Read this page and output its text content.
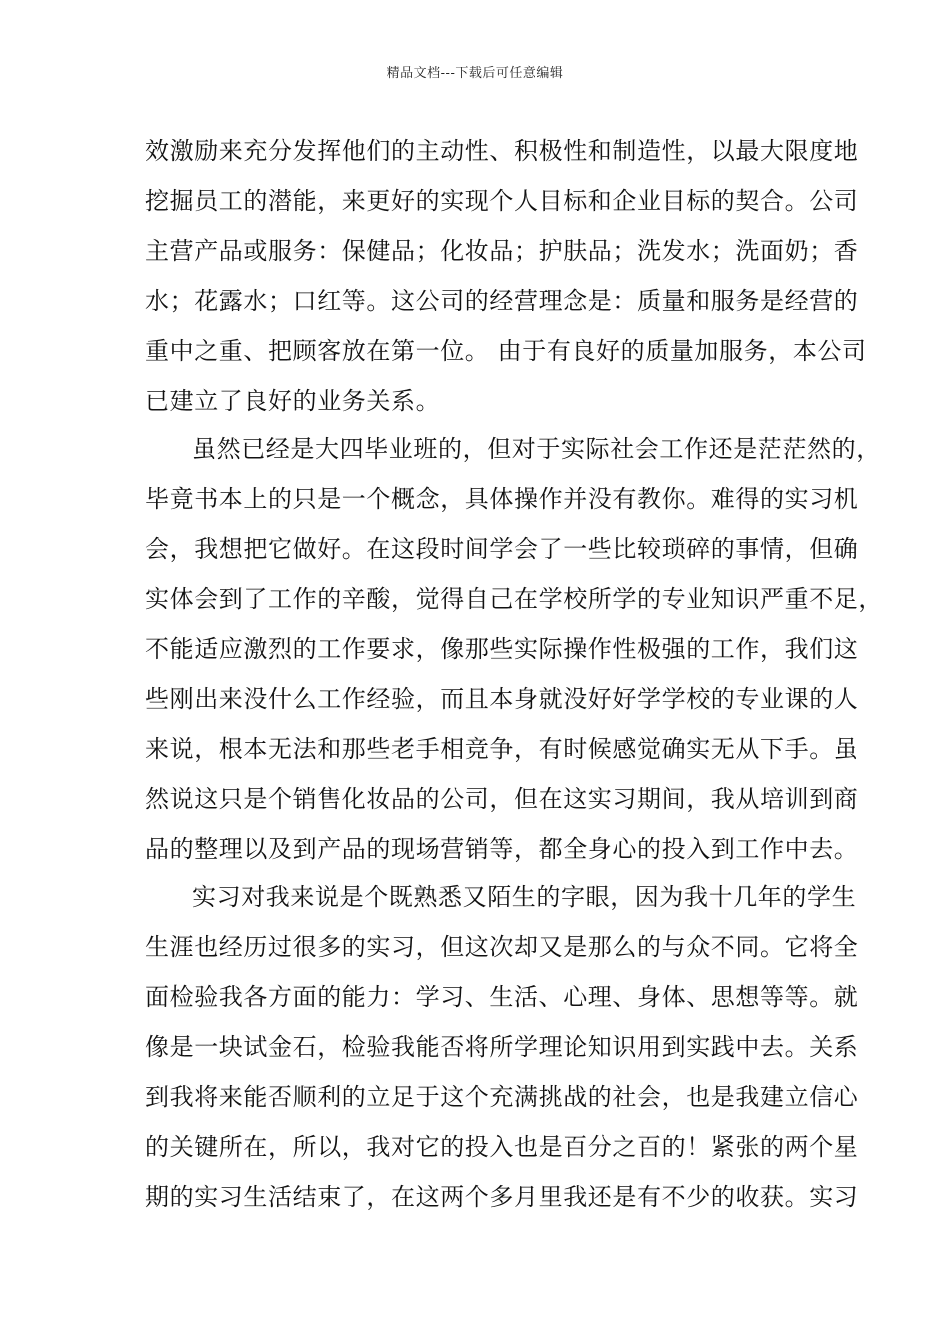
精品文档---下载后可任意编辑
效激励来充分发挥他们的主动性、积极性和制造性，以最大限度地
挖掘员工的潜能，来更好的实现个人目标和企业目标的契合。公司
主营产品或服务：保健品；化妆品；护肤品；洗发水；洗面奶；香
水；花露水；口红等。这公司的经营理念是：质量和服务是经营的
重中之重、把顾客放在第一位。 由于有良好的质量加服务，本公司
已建立了良好的业务关系。
虽然已经是大四毕业班的，但对于实际社会工作还是茫茫然的，
毕竟书本上的只是一个概念，具体操作并没有教你。难得的实习机
会，我想把它做好。在这段时间学会了一些比较琐碎的事情，但确
实体会到了工作的辛酸，觉得自己在学校所学的专业知识严重不足，
不能适应激烈的工作要求，像那些实际操作性极强的工作，我们这
些刚出来没什么工作经验，而且本身就没好好学学校的专业课的人
来说，根本无法和那些老手相竞争，有时候感觉确实无从下手。虽
然说这只是个销售化妆品的公司，但在这实习期间，我从培训到商
品的整理以及到产品的现场营销等，都全身心的投入到工作中去。
实习对我来说是个既熟悉又陌生的字眼，因为我十几年的学生
生涯也经历过很多的实习，但这次却又是那么的与众不同。它将全
面检验我各方面的能力：学习、生活、心理、身体、思想等等。就
像是一块试金石，检验我能否将所学理论知识用到实践中去。关系
到我将来能否顺利的立足于这个充满挑战的社会，也是我建立信心
的关键所在，所以，我对它的投入也是百分之百的！紧张的两个星
期的实习生活结束了，在这两个多月里我还是有不少的收获。实习
